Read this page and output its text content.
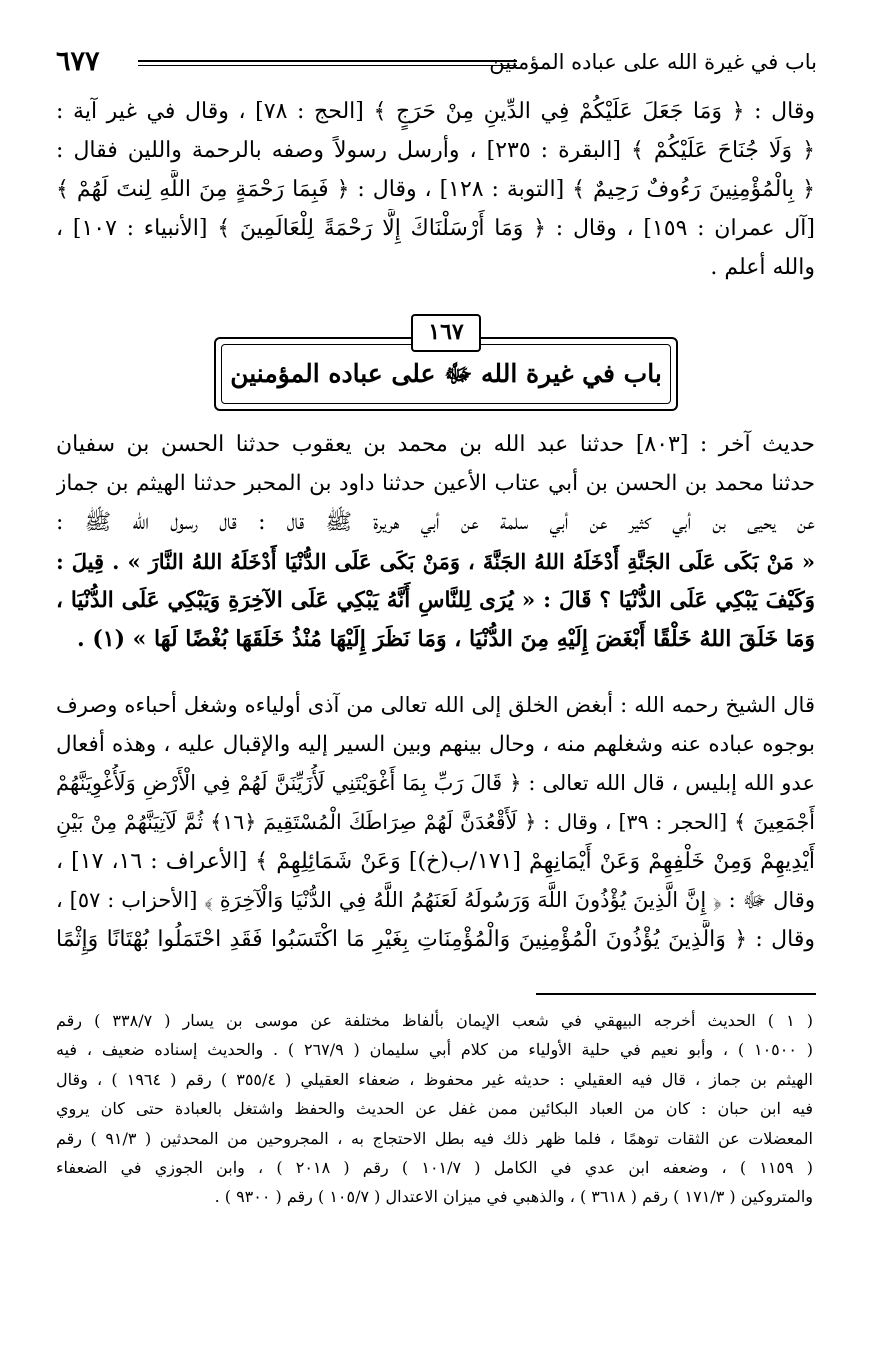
٦٧٧	باب في غيرة الله على عباده المؤمنين
وقال : ﴿ وَمَا جَعَلَ عَلَيْكُمْ فِي الدِّينِ مِنْ حَرَجٍ ﴾ [الحج : ٧٨] ، وقال في غير آية :
﴿ وَلَا جُنَاحَ عَلَيْكُمْ ﴾ [البقرة : ٢٣٥] ، وأرسل رسولاً وصفه بالرحمة واللين فقال :
﴿ بِالْمُؤْمِنِينَ رَءُوفٌ رَحِيمٌ ﴾ [التوبة : ١٢٨] ، وقال : ﴿ فَبِمَا رَحْمَةٍ مِنَ اللَّهِ لِنتَ لَهُمْ ﴾
[آل عمران : ١٥٩] ، وقال : ﴿ وَمَا أَرْسَلْنَاكَ إِلَّا رَحْمَةً لِلْعَالَمِينَ ﴾ [الأنبياء : ١٠٧] ،
والله أعلم .
١٦٧
باب في غيرة الله ﷻ على عباده المؤمنين
حديث آخر : [٨٠٣] حدثنا عبد الله بن محمد بن يعقوب حدثنا الحسن بن سفيان
حدثنا محمد بن الحسن بن أبي عتاب الأعين حدثنا داود بن المحبر حدثنا الهيثم بن جماز
عن يحيى بن أبي كثير عن أبي سلمة عن أبي هريرة ﷺ قال : قال رسول الله ﷺ :
« مَنْ بَكَى عَلَى الجَنَّةِ أَدْخَلَهُ اللهُ الجَنَّةَ ، وَمَنْ بَكَى عَلَى الدُّنْيَا أَدْخَلَهُ اللهُ النَّارَ » . قِيلَ :
وَكَيْفَ يَبْكِي عَلَى الدُّنْيَا ؟ قَالَ : « يُرَى لِلنَّاسِ أَنَّهُ يَبْكِي عَلَى الآخِرَةِ وَيَبْكِي عَلَى الدُّنْيَا ،
وَمَا خَلَقَ اللهُ خَلْقًا أَبْغَضَ إِلَيْهِ مِنَ الدُّنْيَا ، وَمَا نَظَرَ إِلَيْهَا مُنْذُ خَلَقَهَا بُغْضًا لَهَا » (١) .
قال الشيخ رحمه الله : أبغض الخلق إلى الله تعالى من آذى أولياءه وشغل أحباءه وصرف
بوجوه عباده عنه وشغلهم منه ، وحال بينهم وبين السير إليه والإقبال عليه ، وهذه أفعال
عدو الله إبليس ، قال الله تعالى : ﴿ قَالَ رَبِّ بِمَا أَغْوَيْتَنِي لَأُزَيِّنَنَّ لَهُمْ فِي الْأَرْضِ وَلَأُغْوِيَنَّهُمْ
أَجْمَعِينَ ﴾ [الحجر : ٣٩] ، وقال : ﴿ لَأَقْعُدَنَّ لَهُمْ صِرَاطَكَ الْمُسْتَقِيمَ ﴿١٦﴾ ثُمَّ لَآتِيَنَّهُمْ مِنْ بَيْنِ
أَيْدِيهِمْ وَمِنْ خَلْفِهِمْ وَعَنْ أَيْمَانِهِمْ [١٧١/ب(خ)] وَعَنْ شَمَائِلِهِمْ ﴾ [الأعراف : ١٦، ١٧] ،
وقال ﷻ : ﴿ إِنَّ الَّذِينَ يُؤْذُونَ اللَّهَ وَرَسُولَهُ لَعَنَهُمُ اللَّهُ فِي الدُّنْيَا وَالْآخِرَةِ ﴾ [الأحزاب : ٥٧] ،
وقال : ﴿ وَالَّذِينَ يُؤْذُونَ الْمُؤْمِنِينَ وَالْمُؤْمِنَاتِ بِغَيْرِ مَا اكْتَسَبُوا فَقَدِ احْتَمَلُوا بُهْتَانًا وَإِثْمًا
( ١ ) الحديث أخرجه البيهقي في شعب الإيمان بألفاظ مختلفة عن موسى بن يسار ( ٣٣٨/٧ ) رقم
( ١٠٥٠٠ ) ، وأبو نعيم في حلية الأولياء من كلام أبي سليمان ( ٢٦٧/٩ ) . والحديث إسناده ضعيف ، فيه
الهيثم بن جماز ، قال فيه العقيلي : حديثه غير محفوظ ، ضعفاء العقيلي ( ٣٥٥/٤ ) رقم ( ١٩٦٤ ) ، وقال
فيه ابن حبان : كان من العباد البكائين ممن غفل عن الحديث والحفظ واشتغل بالعبادة حتى كان يروي
المعضلات عن الثقات توهمًا ، فلما ظهر ذلك فيه بطل الاحتجاج به ، المجروحين من المحدثين ( ٩١/٣ ) رقم
( ١١٥٩ ) ، وضعفه ابن عدي في الكامل ( ١٠١/٧ ) رقم ( ٢٠١٨ ) ، وابن الجوزي في الضعفاء
والمتروكين ( ١٧١/٣ ) رقم ( ٣٦١٨ ) ، والذهبي في ميزان الاعتدال ( ١٠٥/٧ ) رقم ( ٩٣٠٠ ) .
